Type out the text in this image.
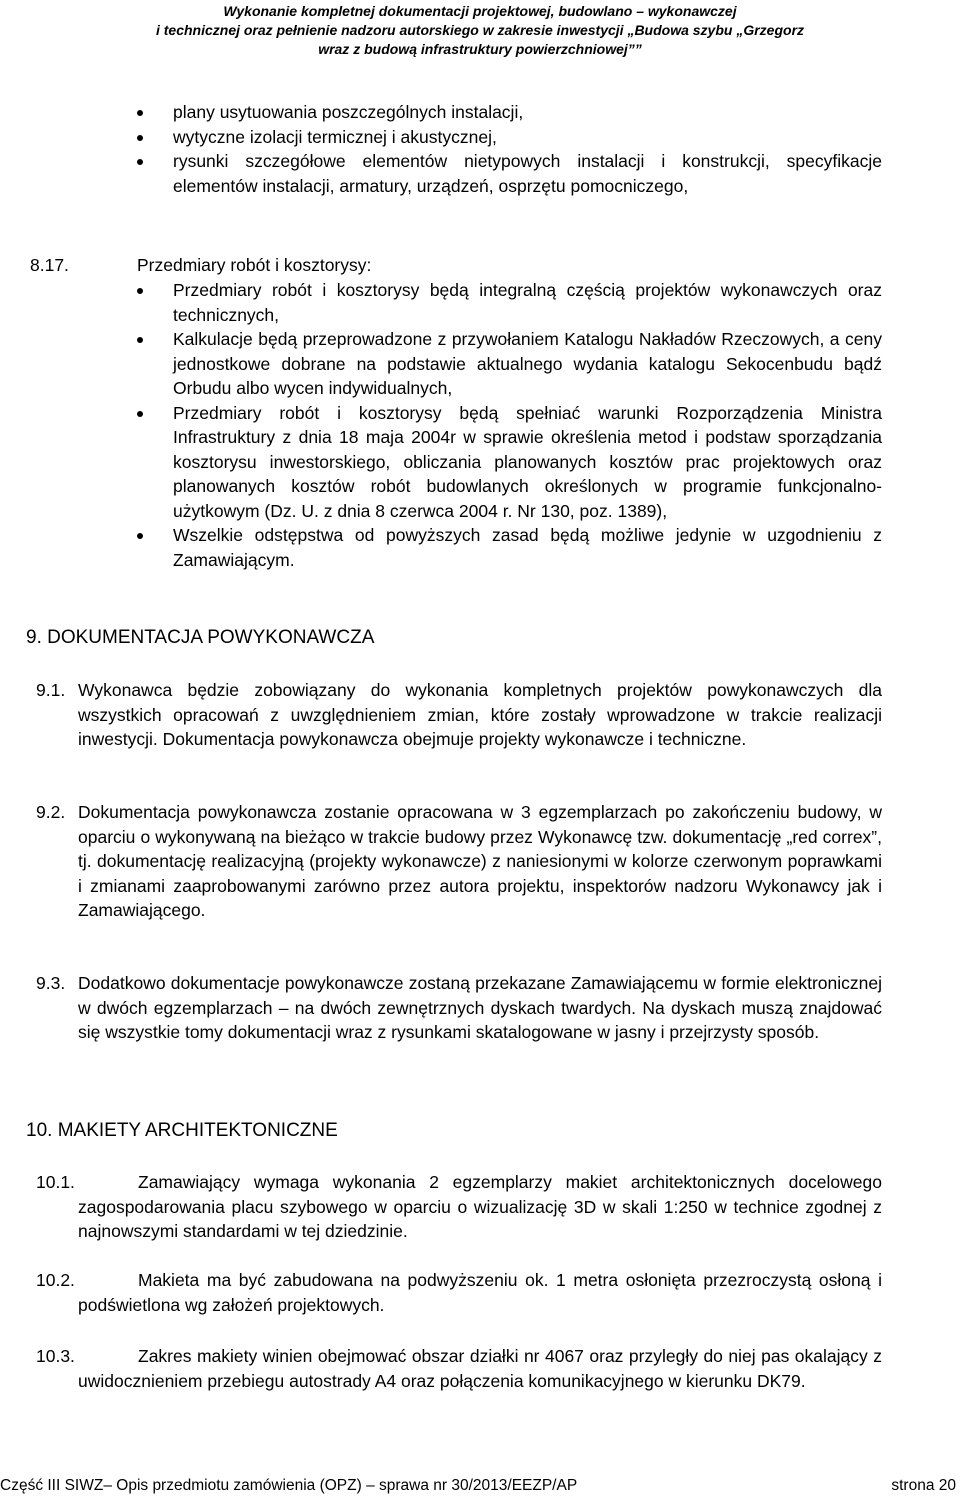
Wykonanie kompletnej dokumentacji projektowej, budowlano – wykonawczej
i technicznej oraz pełnienie nadzoru autorskiego w zakresie inwestycji „Budowa szybu „Grzegorz
wraz z budową infrastruktury powierzchniowej””
plany usytuowania poszczególnych instalacji,
wytyczne izolacji termicznej i akustycznej,
rysunki szczegółowe elementów nietypowych instalacji i konstrukcji, specyfikacje elementów instalacji, armatury, urządzeń, osprzętu pomocniczego,
8.17.	Przedmiary robót i kosztorysy:
Przedmiary robót i kosztorysy będą integralną częścią projektów wykonawczych oraz technicznych,
Kalkulacje będą przeprowadzone z przywołaniem Katalogu Nakładów Rzeczowych, a ceny jednostkowe dobrane na podstawie aktualnego wydania katalogu Sekocenbudu bądź Orbudu albo wycen indywidualnych,
Przedmiary robót i kosztorysy będą spełniać warunki Rozporządzenia Ministra Infrastruktury z dnia 18 maja 2004r w sprawie określenia metod i podstaw sporządzania kosztorysu inwestorskiego, obliczania planowanych kosztów prac projektowych oraz planowanych kosztów robót budowlanych określonych w programie funkcjonalno-użytkowym (Dz. U. z dnia 8 czerwca 2004 r. Nr 130, poz. 1389),
Wszelkie odstępstwa od powyższych zasad będą możliwe jedynie w uzgodnieniu z Zamawiającym.
9. DOKUMENTACJA POWYKONAWCZA
9.1. Wykonawca będzie zobowiązany do wykonania kompletnych projektów powykonawczych dla wszystkich opracowań z uwzględnieniem zmian, które zostały wprowadzone w trakcie realizacji inwestycji. Dokumentacja powykonawcza obejmuje projekty wykonawcze i techniczne.
9.2. Dokumentacja powykonawcza zostanie opracowana w 3 egzemplarzach po zakończeniu budowy, w oparciu o wykonywaną na bieżąco w trakcie budowy przez Wykonawcę tzw. dokumentację „red correx”, tj. dokumentację realizacyjną (projekty wykonawcze) z naniesionymi w kolorze czerwonym poprawkami i zmianami zaaprobowanymi zarówno przez autora projektu, inspektorów nadzoru Wykonawcy jak i Zamawiającego.
9.3. Dodatkowo dokumentacje powykonawcze zostaną przekazane Zamawiającemu w formie elektronicznej w dwóch egzemplarzach – na dwóch zewnętrznych dyskach twardych. Na dyskach muszą znajdować się wszystkie tomy dokumentacji wraz z rysunkami skatalogowane w jasny i przejrzysty sposób.
10. MAKIETY ARCHITEKTONICZNE
10.1.	Zamawiający wymaga wykonania 2 egzemplarzy makiet architektonicznych docelowego zagospodarowania placu szybowego w oparciu o wizualizację 3D w skali 1:250 w technice zgodnej z najnowszymi standardami w tej dziedzinie.
10.2.	Makieta ma być zabudowana na podwyższeniu ok. 1 metra osłonięta przezroczystą osłoną i podświetlona wg założeń projektowych.
10.3.	Zakres makiety winien obejmować obszar działki nr 4067 oraz przyległy do niej pas okalający z uwidocznieniem przebiegu autostrady A4 oraz połączenia komunikacyjnego w kierunku DK79.
Część III SIWZ– Opis przedmiotu zamówienia (OPZ) – sprawa nr 30/2013/EEZP/AP	strona 20
